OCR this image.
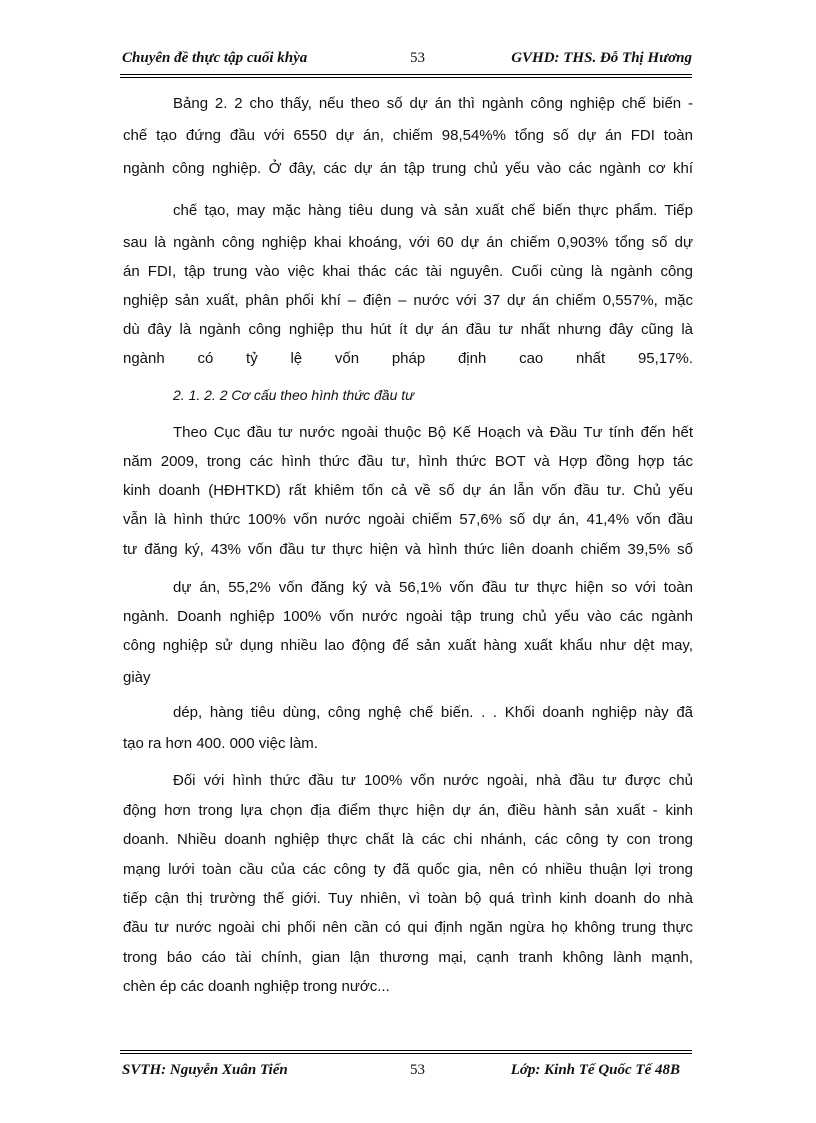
Chuyên đề thực tập cuối khỳa	53	GVHD: THS. Đỗ Thị Hương
Bảng 2. 2 cho thấy, nếu theo số dự án thì ngành công nghiệp chế biến -
chế tạo đứng đầu với 6550 dự án, chiếm 98,54%% tổng số dự án FDI toàn
ngành công nghiệp. Ở đây, các dự án tập trung chủ yếu vào các ngành cơ khí
chế tạo, may mặc hàng tiêu dung và sản xuất chế biến thực phẩm. Tiếp
sau là ngành công nghiệp khai khoáng, với 60 dự án chiếm 0,903% tổng số dự
án FDI, tập trung vào việc khai thác các tài nguyên. Cuối cùng là ngành công
nghiệp sản xuất, phân phối khí – điện – nước với 37 dự án chiếm 0,557%, mặc
dù đây là ngành công nghiệp thu hút ít dự án đầu tư nhất nhưng đây cũng là
ngành có tỷ lệ vốn pháp định cao nhất 95,17%.
2. 1. 2. 2 Cơ cấu theo hình thức đầu tư
Theo Cục đầu tư nước ngoài thuộc Bộ Kế Hoạch và Đầu Tư tính đến hết
năm 2009, trong các hình thức đầu tư, hình thức BOT và Hợp đồng hợp tác
kinh doanh (HĐHTKD) rất khiêm tốn cả về số dự án lẫn vốn đầu tư. Chủ yếu
vẫn là hình thức 100% vốn nước ngoài chiếm 57,6% số dự án, 41,4% vốn đầu
tư đăng ký, 43% vốn đầu tư thực hiện và hình thức liên doanh chiếm 39,5% số
dự án, 55,2% vốn đăng ký và 56,1% vốn đầu tư thực hiện so với toàn
ngành. Doanh nghiệp 100% vốn nước ngoài tập trung chủ yếu vào các ngành
công nghiệp sử dụng nhiều lao động để sản xuất hàng xuất khẩu như dệt may,
giày
dép, hàng tiêu dùng, công nghệ chế biến. . . Khối doanh nghiệp này đã
tạo ra hơn 400. 000 việc làm.
Đối với hình thức đầu tư 100% vốn nước ngoài, nhà đầu tư được chủ
động hơn trong lựa chọn địa điểm thực hiện dự án, điều hành sản xuất - kinh
doanh. Nhiều doanh nghiệp thực chất là các chi nhánh, các công ty con trong
mạng lưới toàn cầu của các công ty đã quốc gia, nên có nhiều thuận lợi trong
tiếp cận thị trường thế giới. Tuy nhiên, vì toàn bộ quá trình kinh doanh do nhà
đầu tư nước ngoài chi phối nên cần có qui định ngăn ngừa họ không trung thực
trong báo cáo tài chính, gian lận thương mại, cạnh tranh không lành mạnh,
chèn ép các doanh nghiệp trong nước...
SVTH: Nguyễn Xuân Tiến	53	Lớp: Kinh Tế Quốc Tế 48B
